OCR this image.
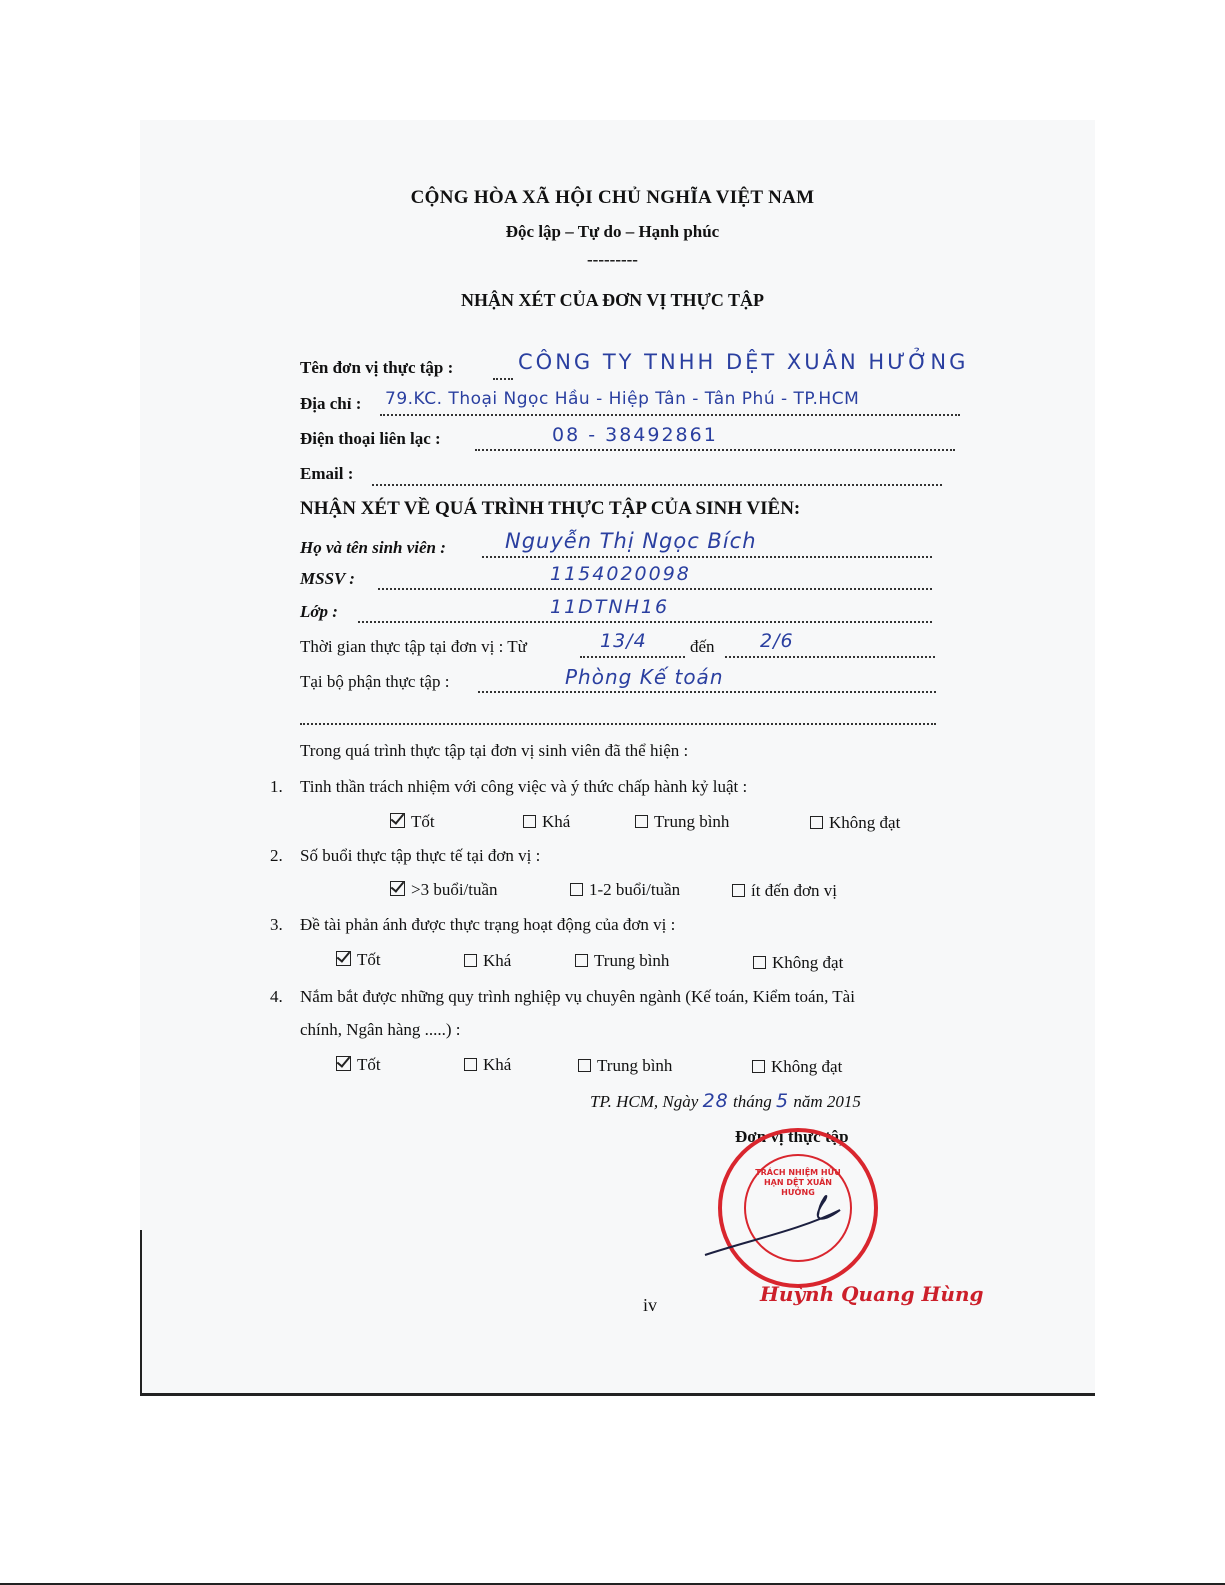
CỘNG HÒA XÃ HỘI CHỦ NGHĨA VIỆT NAM
Độc lập – Tự do – Hạnh phúc
---------
NHẬN XÉT CỦA ĐƠN VỊ THỰC TẬP
Tên đơn vị thực tập :	CÔNG TY TNHH DỆT XUÂN HƯỞNG
Địa chỉ : 79.KC. Thoại Ngọc Hầu - Hiệp Tân - Tân Phú - TP.HCM
Điện thoại liên lạc :	08 - 38492861
Email :
NHẬN XÉT VỀ QUÁ TRÌNH THỰC TẬP CỦA SINH VIÊN:
Họ và tên sinh viên :	Nguyễn Thị Ngọc Bích
MSSV :	1154020098
Lớp :	11DTNH16
Thời gian thực tập tại đơn vị : Từ	13/4	đến 2/6
Tại bộ phận thực tập :	Phòng Kế toán
Trong quá trình thực tập tại đơn vị sinh viên đã thể hiện :
1. Tinh thần trách nhiệm với công việc và ý thức chấp hành kỷ luật :
Tốt	Khá	Trung bình	Không đạt
2. Số buổi thực tập thực tế tại đơn vị :
>3 buổi/tuần	1-2 buổi/tuần	ít đến đơn vị
3. Đề tài phản ánh được thực trạng hoạt động của đơn vị :
Tốt	Khá	Trung bình	Không đạt
4. Nắm bắt được những quy trình nghiệp vụ chuyên ngành (Kế toán, Kiểm toán, Tài
chính, Ngân hàng .....) :
Tốt	Khá	Trung bình	Không đạt
TP. HCM, Ngày 28 tháng 5 năm 2015
Đơn vị thực tập
TRÁCH NHIỆM HỮU HẠN DỆT XUÂN HƯỞNG
Huỳnh Quang Hùng
iv
